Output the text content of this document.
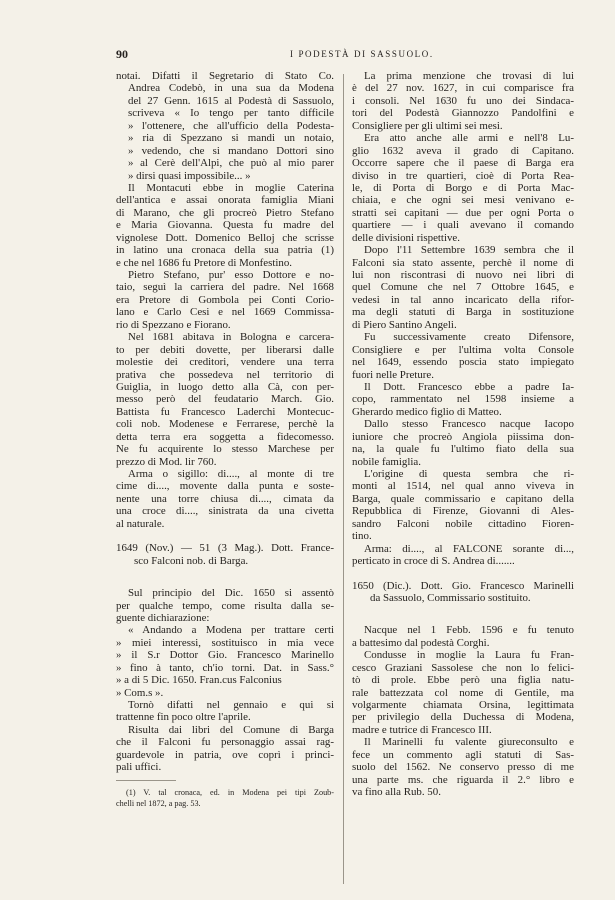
90	I PODESTÀ DI SASSUOLO.
notai. Difatti il Segretario di Stato Co.
Andrea Codebò, in una sua da Modena
del 27 Genn. 1615 al Podestà di Sassuolo,
scriveva « Io tengo per tanto difficile
» l'ottenere, che all'ufficio della Podesta-
» ria di Spezzano si mandi un notaio,
» vedendo, che si mandano Dottori sino
» al Cerè dell'Alpi, che può al mio parer
» dirsi quasi impossibile... »
Il Montacuti ebbe in moglie Caterina
dell'antica e assai onorata famiglia Miani
di Marano, che gli procreò Pietro Stefano
e Maria Giovanna. Questa fu madre del
vignolese Dott. Domenico Belloj che scrisse
in latino una cronaca della sua patria (1)
e che nel 1686 fu Pretore di Monfestino.
Pietro Stefano, pur' esso Dottore e no-
taio, seguì la carriera del padre. Nel 1668
era Pretore di Gombola pei Conti Corio-
lano e Carlo Cesi e nel 1669 Commissa-
rio di Spezzano e Fiorano.
Nel 1681 abitava in Bologna e carcera-
to per debiti dovette, per liberarsi dalle
molestie dei creditori, vendere una terra
prativa che possedeva nel territorio di
Guiglia, in luogo detto alla Cà, con per-
messo però del feudatario March. Gio.
Battista fu Francesco Laderchi Montecuc-
coli nob. Modenese e Ferrarese, perchè la
detta terra era soggetta a fidecomesso.
Ne fu acquirente lo stesso Marchese per
prezzo di Mod. lir 760.
Arma o sigillo: di...., al monte di tre
cime di...., movente dalla punta e soste-
nente una torre chiusa di...., cimata da
una croce di...., sinistrata da una civetta
al naturale.
1649 (Nov.) — 51 (3 Mag.). Dott. France-
sco Falconi nob. di Barga.
Sul principio del Dic. 1650 si assentò
per qualche tempo, come risulta dalla se-
guente dichiarazione:
« Andando a Modena per trattare certi
» miei interessi, sostituisco in mia vece
» il S.r Dottor Gio. Francesco Marinello
» fino à tanto, ch'io torni. Dat. in Sass.°
» a di 5 Dic. 1650. Fran.cus Falconius
» Com.s ».
Tornò difatti nel gennaio e qui si
trattenne fin poco oltre l'aprile.
Risulta dai libri del Comune di Barga
che il Falconi fu personaggio assai rag-
guardevole in patria, ove coprì i princi-
pali uffici.
(1) V. tal cronaca, ed. in Modena pei tipi Zoub-
chelli nel 1872, a pag. 53.
La prima menzione che trovasi di lui
è del 27 nov. 1627, in cui comparisce fra
i consoli. Nel 1630 fu uno dei Sindaca-
tori del Podestà Giannozzo Pandolfini e
Consigliere per gli ultimi sei mesi.
Era atto anche alle armi e nell'8 Lu-
glio 1632 aveva il grado di Capitano.
Occorre sapere che il paese di Barga era
diviso in tre quartieri, cioè di Porta Rea-
le, di Porta di Borgo e di Porta Mac-
chiaia, e che ogni sei mesi venivano e-
stratti sei capitani — due per ogni Porta o
quartiere — i quali avevano il comando
delle divisioni rispettive.
Dopo l'11 Settembre 1639 sembra che il
Falconi sia stato assente, perchè il nome di
lui non riscontrasi di nuovo nei libri di
quel Comune che nel 7 Ottobre 1645, e
vedesi in tal anno incaricato della rifor-
ma degli statuti di Barga in sostituzione
di Piero Santino Angeli.
Fu successivamente creato Difensore,
Consigliere e per l'ultima volta Console
nel 1649, essendo poscia stato impiegato
fuori nelle Preture.
Il Dott. Francesco ebbe a padre Ia-
copo, rammentato nel 1598 insieme a
Gherardo medico figlio di Matteo.
Dallo stesso Francesco nacque Iacopo
iuniore che procreò Angiola piissima don-
na, la quale fu l'ultimo fiato della sua
nobile famiglia.
L'origine di questa sembra che ri-
monti al 1514, nel qual anno viveva in
Barga, quale commissario e capitano della
Repubblica di Firenze, Giovanni di Ales-
sandro Falconi nobile cittadino Fioren-
tino.
Arma: di...., al FALCONE sorante di...,
perticato in croce di S. Andrea di.......
1650 (Dic.). Dott. Gio. Francesco Marinelli
da Sassuolo, Commissario sostituito.
Nacque nel 1 Febb. 1596 e fu tenuto
a battesimo dal podestà Corghi.
Condusse in moglie la Laura fu Fran-
cesco Graziani Sassolese che non lo felici-
tò di prole. Ebbe però una figlia natu-
rale battezzata col nome di Gentile, ma
volgarmente chiamata Orsina, legittimata
per privilegio della Duchessa di Modena,
madre e tutrice di Francesco III.
Il Marinelli fu valente giureconsulto e
fece un commento agli statuti di Sas-
suolo del 1562. Ne conservo presso di me
una parte ms. che riguarda il 2.° libro e
va fino alla Rub. 50.
